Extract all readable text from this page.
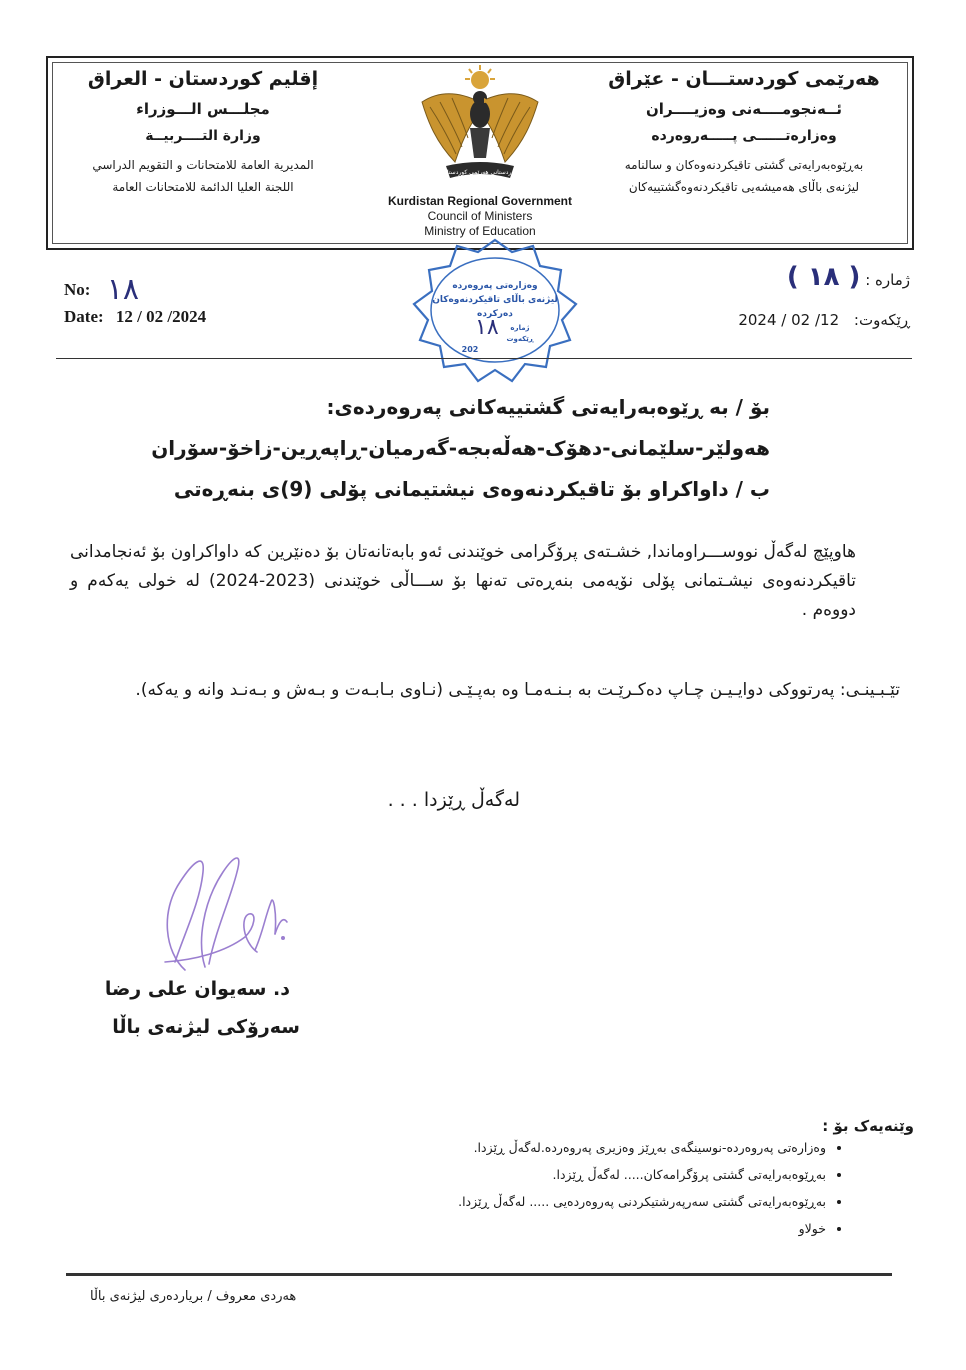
هەرێمی كوردستـــان - عێراق
ئــەنجومــــەنی وەزیــــران
وەزارەتــــــی پـــــەروەردە
بەڕێوەبەرایەتی گشتی تاقیکردنەوەکان و سالنامە
لیژنەی باڵای هەمیشەیی تاقیکردنەوەگشتییەکان
کوردستانی هەرێمی کوردستان
Kurdistan Regional Government
Council of Ministers
Ministry of Education
إقليم كوردستان - العراق
مجلـــس الـــوزراء
وزارة التــــربيــة
المديرية العامة للامتحانات و التقويم الدراسي
اللجنة العليا الدائمة للامتحانات العامة
No: ١٨
Date: 12 / 02 /2024
ژمارە : ( ١٨ )
ڕێکەوت: 12/ 02 / 2024
وەزارەتی پەروەردە
لیژنەی باڵای تاقیکردنەوەکان
دەرکردە
ژمارە
ڕێکەوت
202
١٨
بۆ / بە ڕێوەبەرایەتی گشتییەکانی پەروەردەی:
هەولێر-سلێمانی-دهۆک-هەڵەبجە-گەرمیان-ڕاپەڕین-زاخۆ-سۆران
ب / داواکراو بۆ تاقیکردنەوەی نیشتیمانی پۆلی (9)ی بنەڕەتی
هاوپێچ لەگەڵ نووســـراوماندا, خشـتەی پرۆگرامی خوێندنی ئەو بابەتانەتان بۆ دەنێرین كە داواكراون بۆ ئەنجامدانی تاقیکردنەوەی نیشـتمانی پۆلی نۆیەمی بنەڕەتی تەنها بۆ ســـاڵی خوێندنی (2023-2024) لە خولی یەکەم و دووەم .
تێـبـینـی: پەرتووكی دوایـیـن چـاپ دەكـرێـت بە بـنـەمـا وە بەپـێـی (نـاوی بـابـەت و بـەش و بـەنـد وانە و یەكە).
لەگەڵ ڕێزدا . . .
د. سەیوان علی رضا
سەرۆکی لیژنەی باڵا
وێنەیەک بۆ :
• وەزارەتی پەروەردە-نوسینگەی بەڕێز وەزیری پەروەردە.لەگەڵ ڕێزدا.
• بەڕێوەبەرایەتی گشتی پرۆگرامەکان..... لەگەڵ ڕێزدا.
• بەڕێوەبەرایەتی گشتی سەرپەرشتیکردنی پەروەردەیی ..... لەگەڵ ڕێزدا.
• خولاو
هەردی معروف / بریاردەری لیژنەی باڵا
